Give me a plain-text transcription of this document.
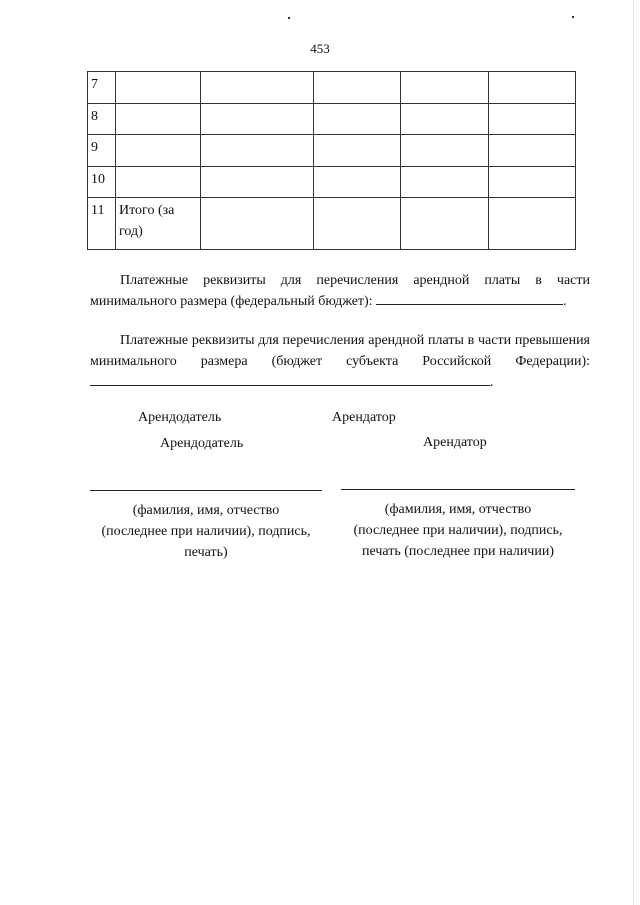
453
7					
8					
9					
10					
11	Итого (за год)				
Платежные реквизиты для перечисления арендной платы в части минимального размера (федеральный бюджет):	.
Платежные реквизиты для перечисления арендной платы в части превышения минимального размера (бюджет субъекта Российской Федерации): .
Арендодатель	Арендатор
Арендодатель	Арендатор
(фамилия, имя, отчество
(последнее при наличии), подпись,
печать)
(фамилия, имя, отчество
(последнее при наличии), подпись,
печать (последнее при наличии)
